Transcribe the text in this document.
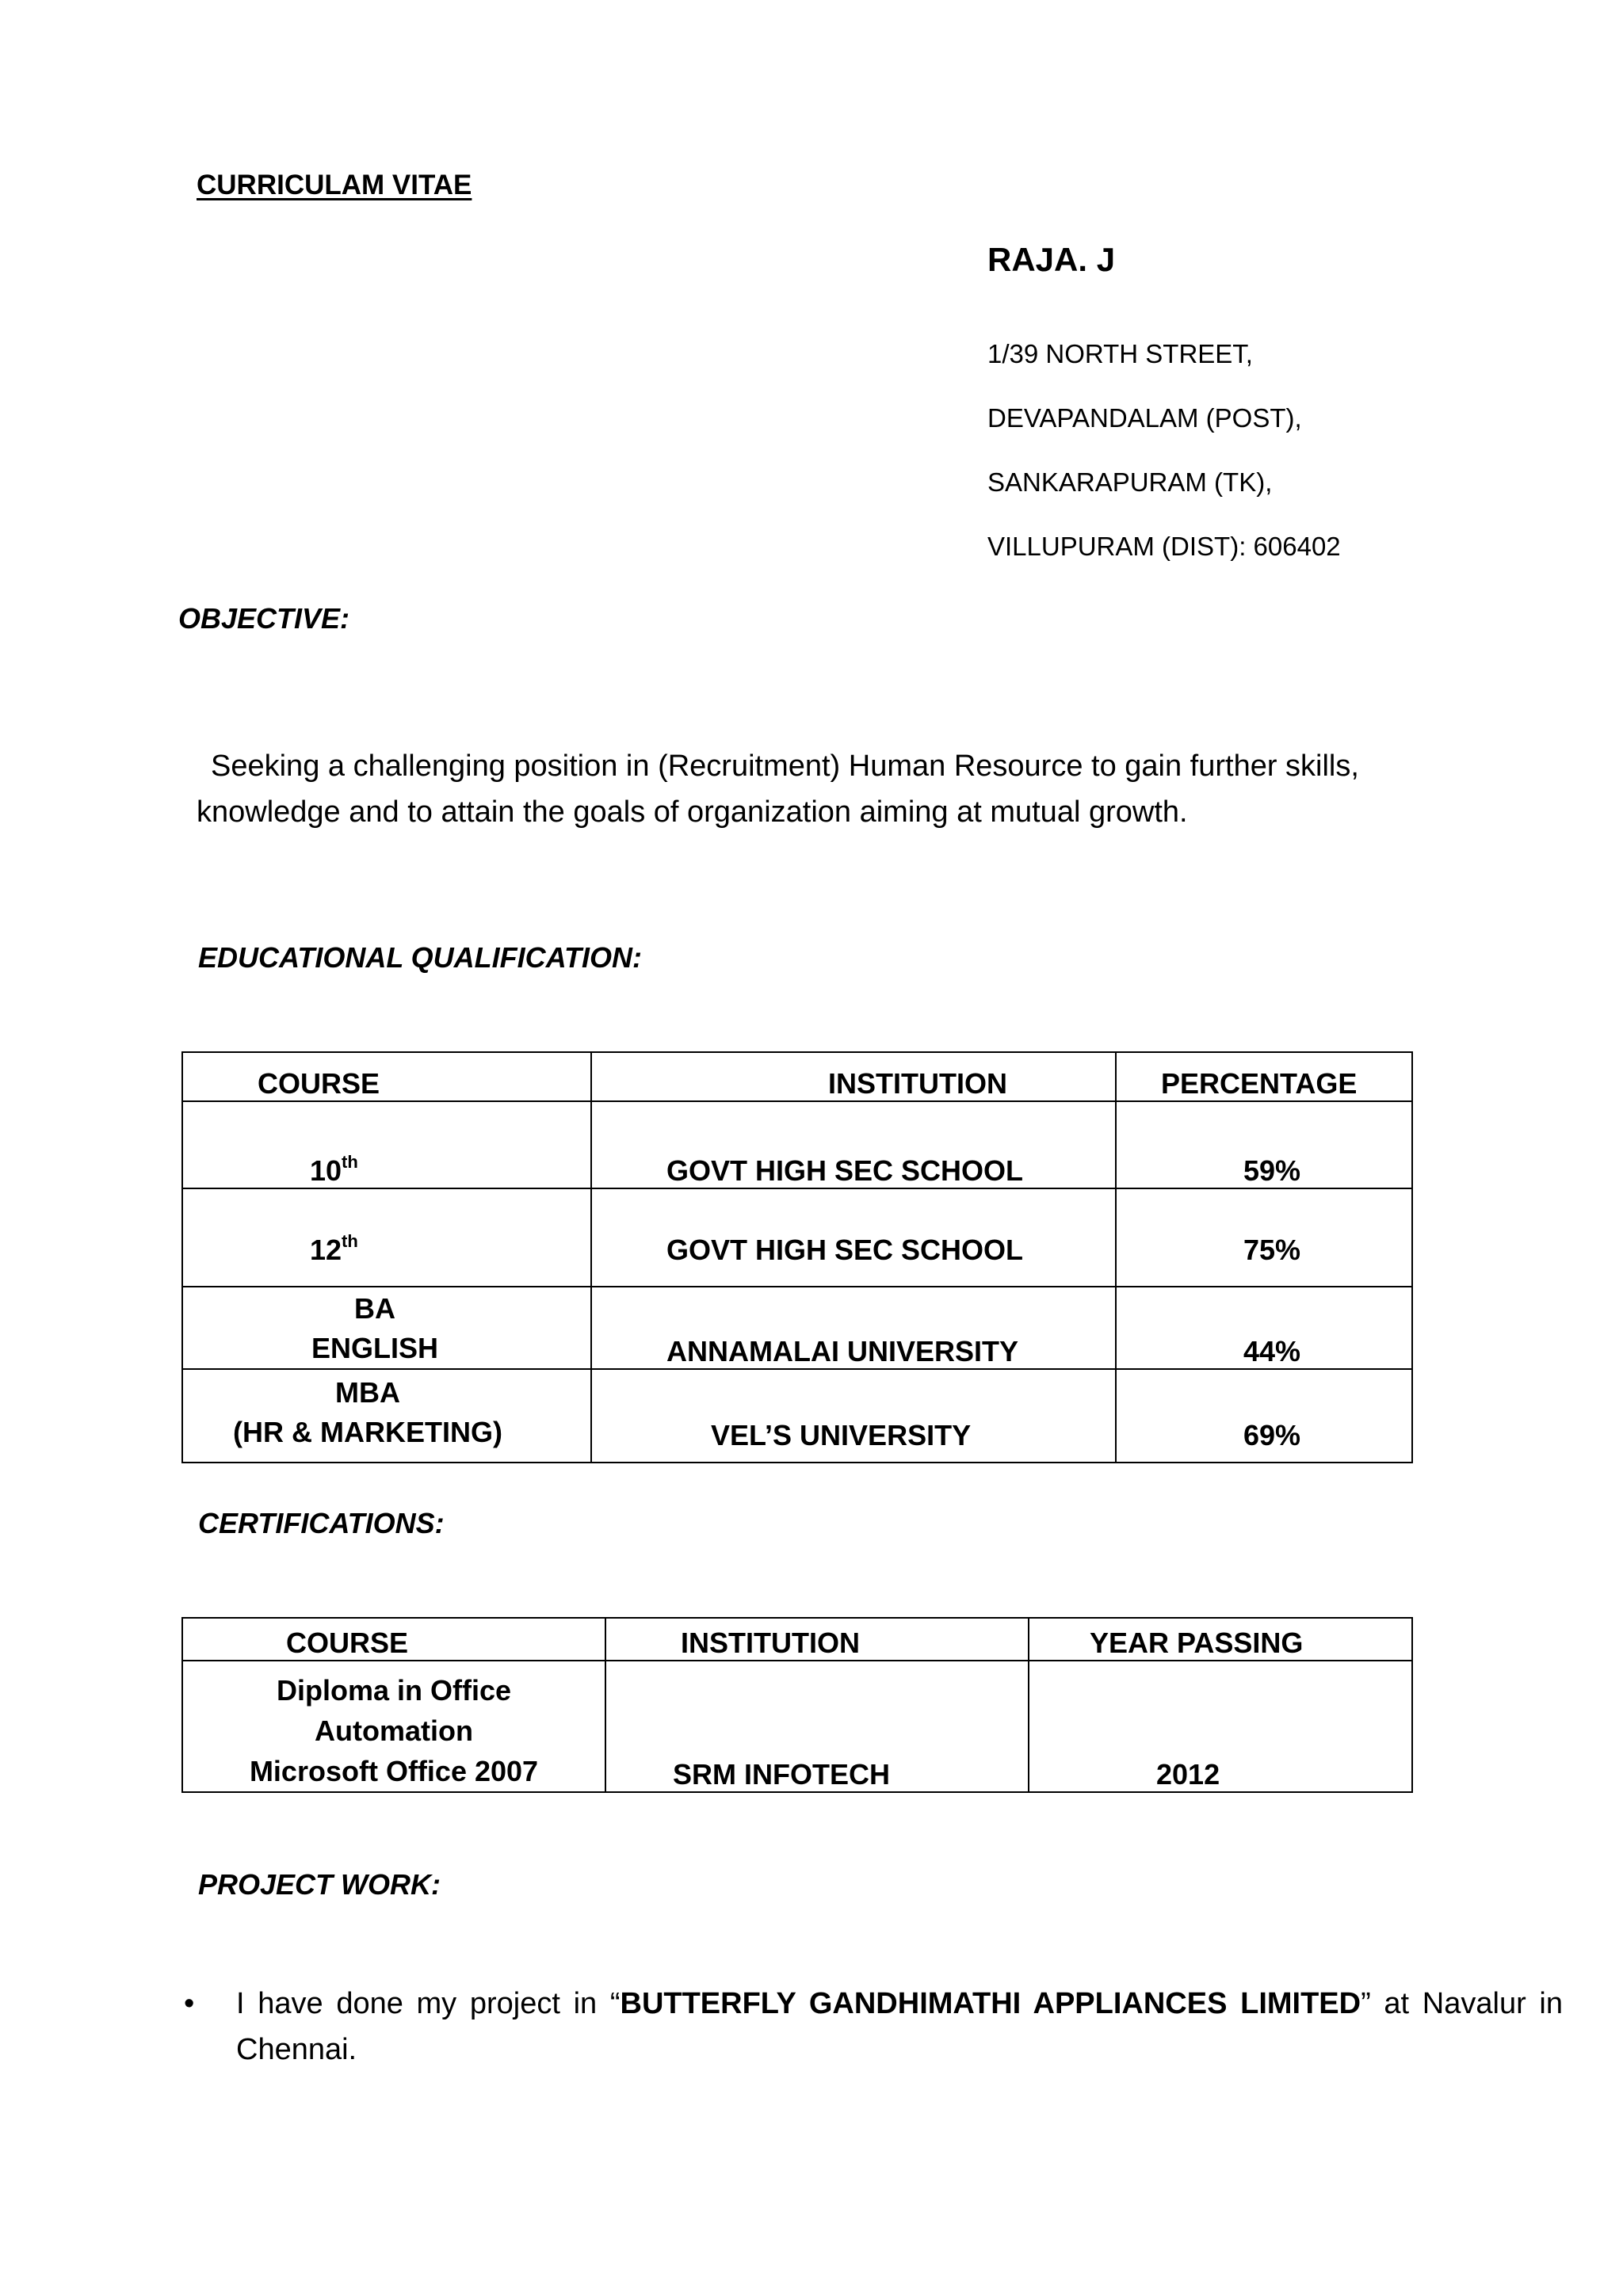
CURRICULAM VITAE
RAJA. J
1/39 NORTH STREET,
DEVAPANDALAM (POST),
SANKARAPURAM (TK),
VILLUPURAM (DIST): 606402
OBJECTIVE:
Seeking a challenging position in (Recruitment) Human Resource to gain further skills, knowledge and to attain the goals of organization aiming at mutual growth.
EDUCATIONAL QUALIFICATION:
COURSE	INSTITUTION	PERCENTAGE
10th	GOVT HIGH SEC SCHOOL	59%
12th	GOVT HIGH SEC SCHOOL	75%

BA
ENGLISH	ANNAMALAI UNIVERSITY	44%

MBA
(HR & MARKETING)	VEL’S UNIVERSITY	69%
CERTIFICATIONS:
COURSE	INSTITUTION	YEAR PASSING

Diploma in Office
Automation
Microsoft Office 2007	SRM INFOTECH	2012
PROJECT WORK:
• I have done my project in “BUTTERFLY GANDHIMATHI APPLIANCES LIMITED” at Navalur in Chennai.
